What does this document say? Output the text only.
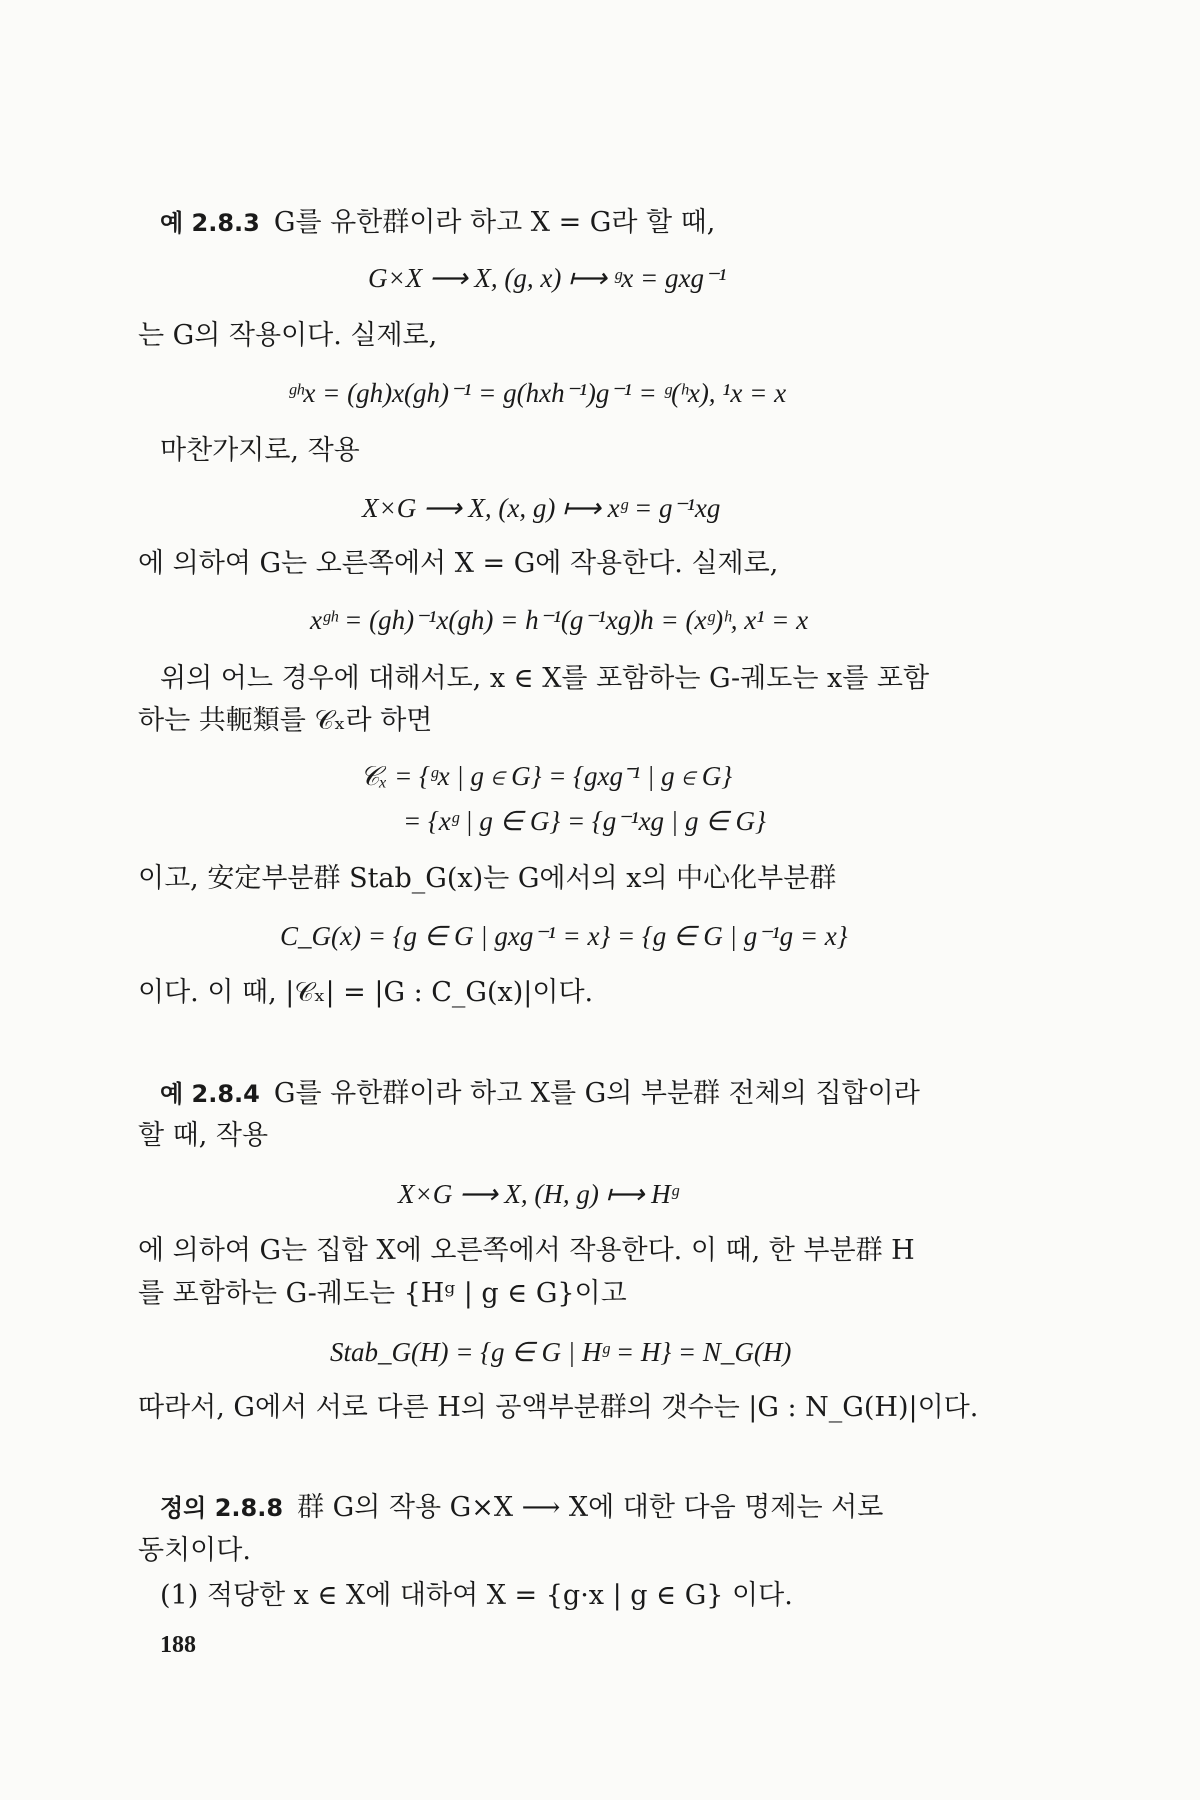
예 2.8.3 G를 유한群이라 하고 X = G라 할 때,
G×X ⟶ X, (g, x) ⟼ ᵍx = gxg⁻¹
는 G의 작용이다. 실제로,
ᵍʰx = (gh)x(gh)⁻¹ = g(hxh⁻¹)g⁻¹ = ᵍ(ʰx), ¹x = x
마찬가지로, 작용
X×G ⟶ X, (x, g) ⟼ xᵍ = g⁻¹xg
에 의하여 G는 오른쪽에서 X = G에 작용한다. 실제로,
xᵍʰ = (gh)⁻¹x(gh) = h⁻¹(g⁻¹xg)h = (xᵍ)ʰ, x¹ = x
위의 어느 경우에 대해서도, x ∈ X를 포함하는 G-궤도는 x를 포함
하는 共軛類를 𝒞ₓ라 하면
𝒞ₓ = {ᵍx | g ∈ G} = {gxg⁻¹ | g ∈ G}
= {xᵍ | g ∈ G} = {g⁻¹xg | g ∈ G}
이고, 安定부분群 Stab_G(x)는 G에서의 x의 中心化부분群
C_G(x) = {g ∈ G | gxg⁻¹ = x} = {g ∈ G | g⁻¹g = x}
이다. 이 때, |𝒞ₓ| = |G : C_G(x)|이다.
예 2.8.4 G를 유한群이라 하고 X를 G의 부분群 전체의 집합이라
할 때, 작용
X×G ⟶ X, (H, g) ⟼ Hᵍ
에 의하여 G는 집합 X에 오른쪽에서 작용한다. 이 때, 한 부분群 H
를 포함하는 G-궤도는 {Hᵍ | g ∈ G}이고
Stab_G(H) = {g ∈ G | Hᵍ = H} = N_G(H)
따라서, G에서 서로 다른 H의 공액부분群의 갯수는 |G : N_G(H)|이다.
정의 2.8.8 群 G의 작용 G×X ⟶ X에 대한 다음 명제는 서로
동치이다.
(1) 적당한 x ∈ X에 대하여 X = {g·x | g ∈ G} 이다.
188
